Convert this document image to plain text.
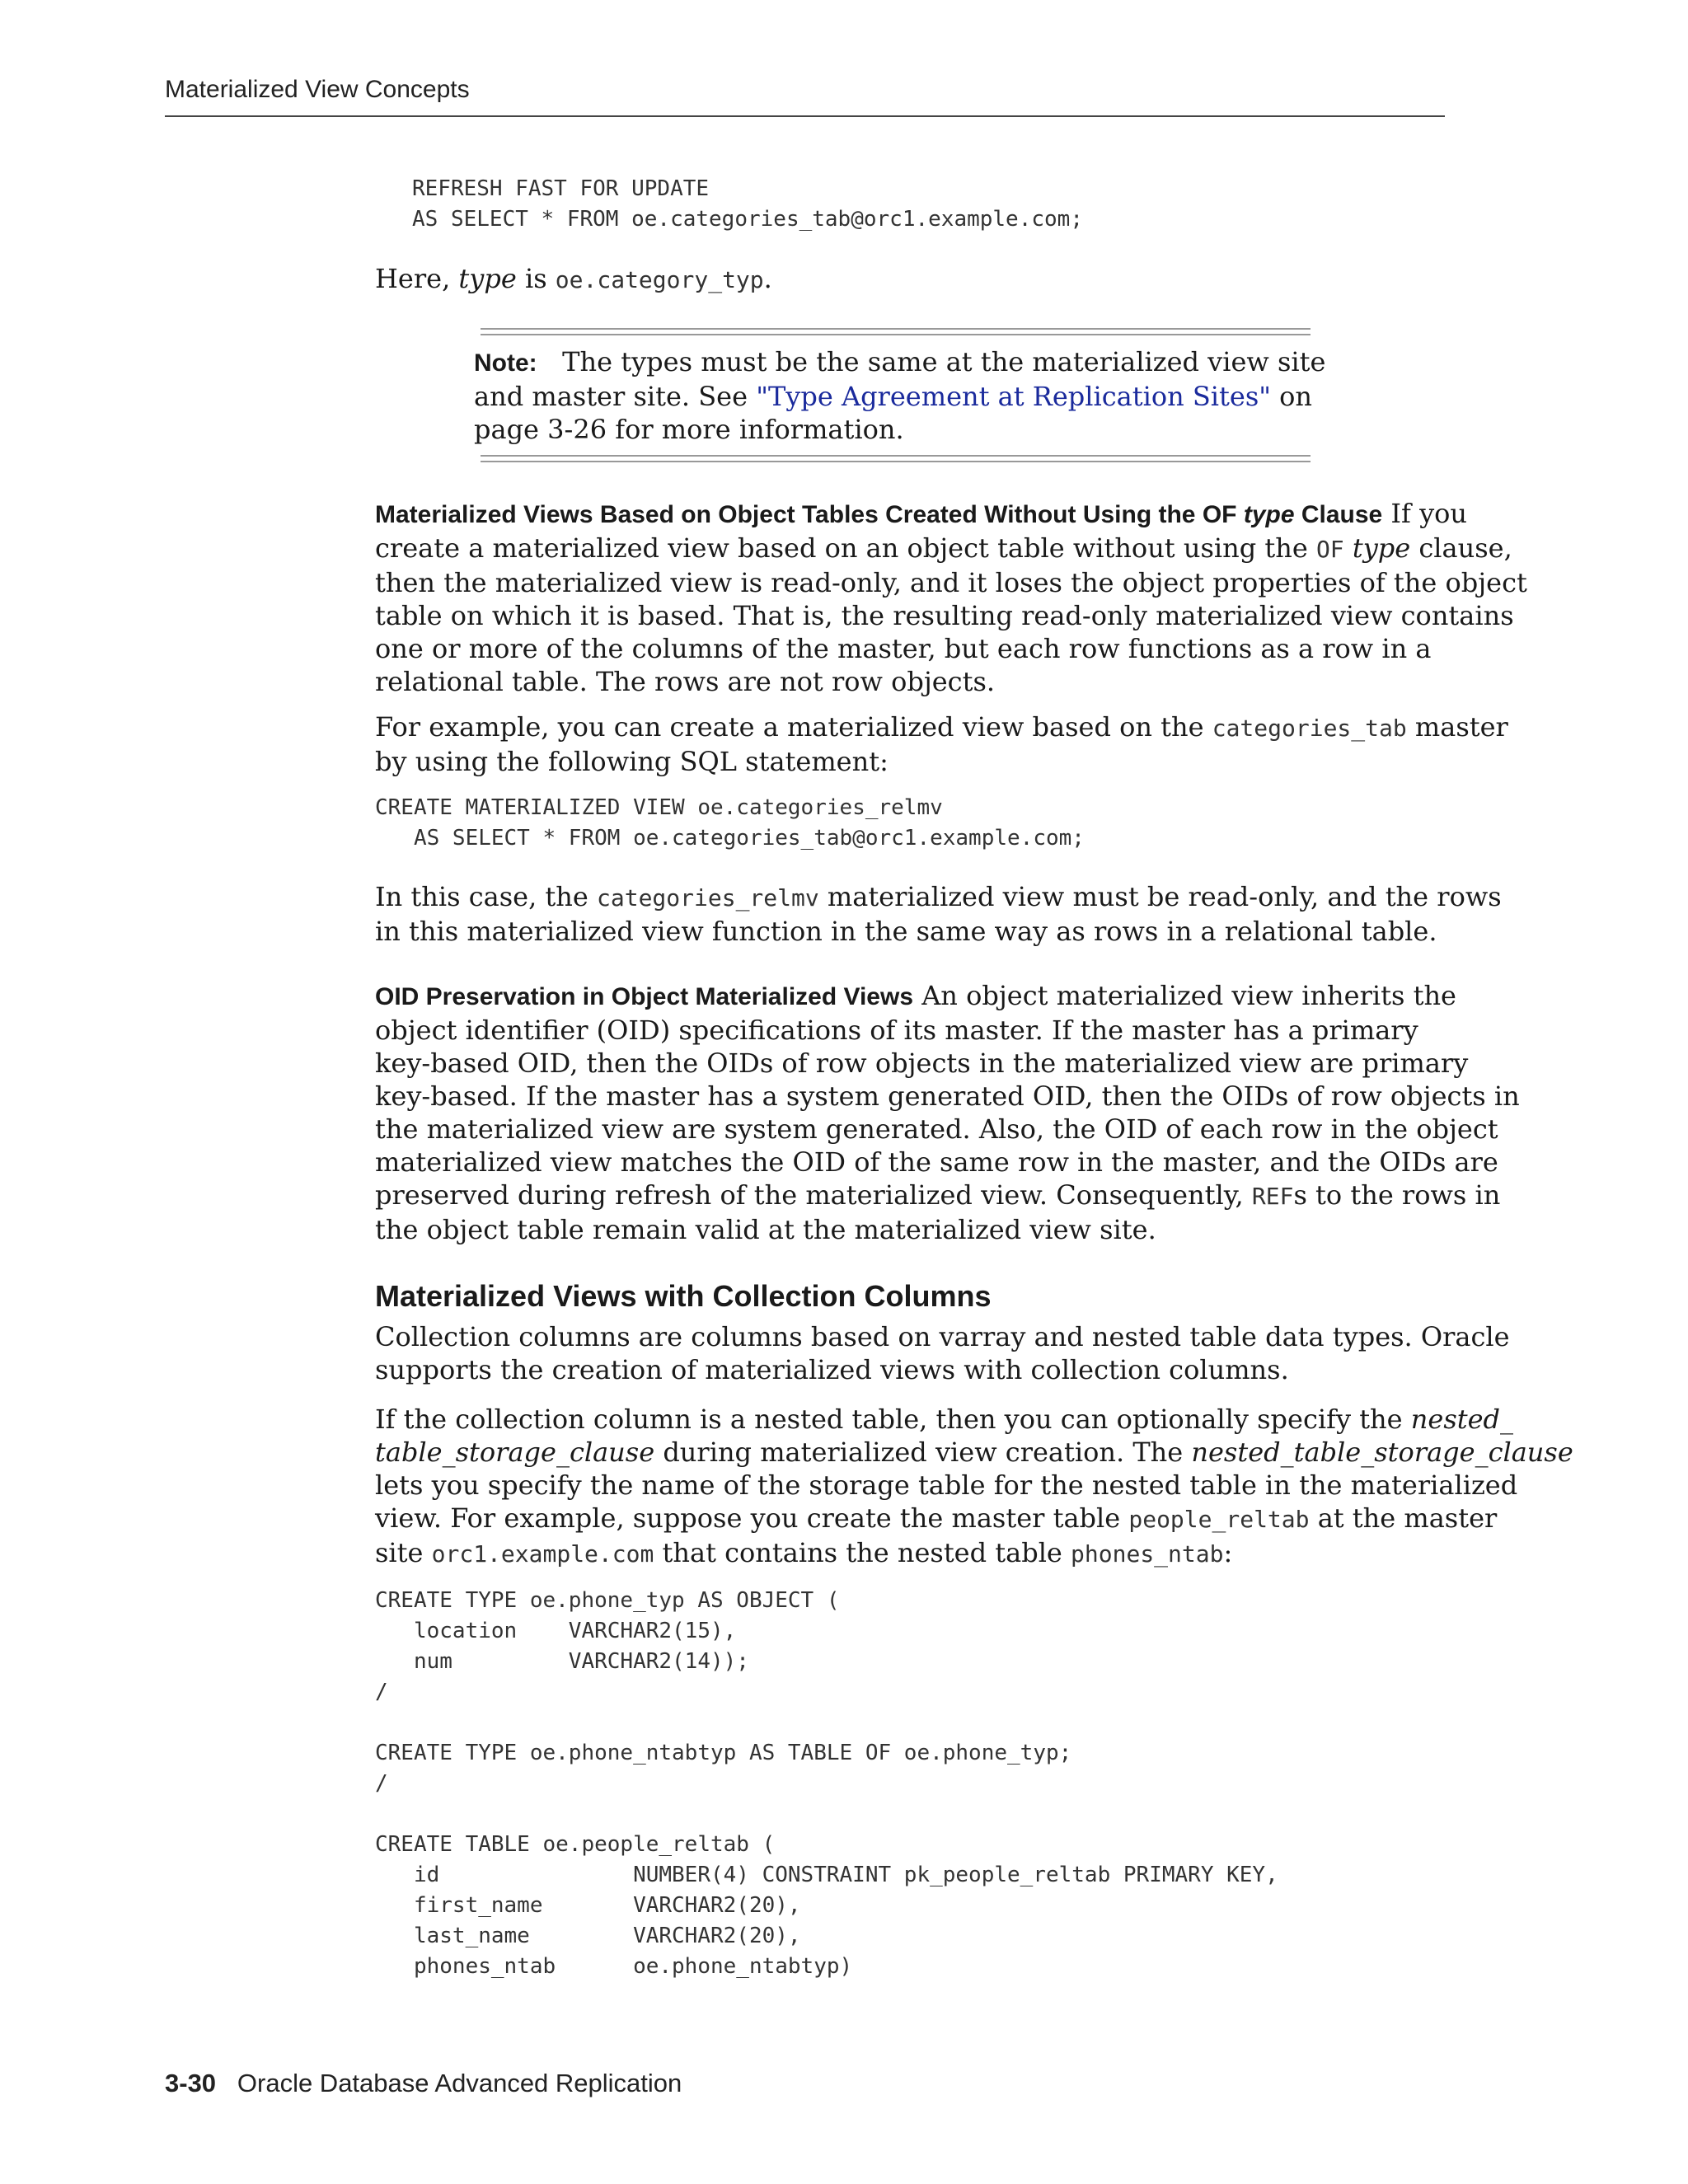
Materialized View Concepts
REFRESH FAST FOR UPDATE
AS SELECT * FROM oe.categories_tab@orc1.example.com;
Here, type is oe.category_typ.
Note: The types must be the same at the materialized view site
and master site. See "Type Agreement at Replication Sites" on
page 3-26 for more information.
Materialized Views Based on Object Tables Created Without Using the OF type Clause If you
create a materialized view based on an object table without using the OF type clause,
then the materialized view is read-only, and it loses the object properties of the object
table on which it is based. That is, the resulting read-only materialized view contains
one or more of the columns of the master, but each row functions as a row in a
relational table. The rows are not row objects.
For example, you can create a materialized view based on the categories_tab master
by using the following SQL statement:
CREATE MATERIALIZED VIEW oe.categories_relmv
AS SELECT * FROM oe.categories_tab@orc1.example.com;
In this case, the categories_relmv materialized view must be read-only, and the rows
in this materialized view function in the same way as rows in a relational table.
OID Preservation in Object Materialized Views An object materialized view inherits the
object identifier (OID) specifications of its master. If the master has a primary
key-based OID, then the OIDs of row objects in the materialized view are primary
key-based. If the master has a system generated OID, then the OIDs of row objects in
the materialized view are system generated. Also, the OID of each row in the object
materialized view matches the OID of the same row in the master, and the OIDs are
preserved during refresh of the materialized view. Consequently, REFs to the rows in
the object table remain valid at the materialized view site.
Materialized Views with Collection Columns
Collection columns are columns based on varray and nested table data types. Oracle
supports the creation of materialized views with collection columns.
If the collection column is a nested table, then you can optionally specify the nested_
table_storage_clause during materialized view creation. The nested_table_storage_clause
lets you specify the name of the storage table for the nested table in the materialized
view. For example, suppose you create the master table people_reltab at the master
site orc1.example.com that contains the nested table phones_ntab:
CREATE TYPE oe.phone_typ AS OBJECT (
location    VARCHAR2(15),
num         VARCHAR2(14));
/

CREATE TYPE oe.phone_ntabtyp AS TABLE OF oe.phone_typ;
/

CREATE TABLE oe.people_reltab (
id               NUMBER(4) CONSTRAINT pk_people_reltab PRIMARY KEY,
first_name       VARCHAR2(20),
last_name        VARCHAR2(20),
phones_ntab      oe.phone_ntabtyp)
3-30 Oracle Database Advanced Replication
